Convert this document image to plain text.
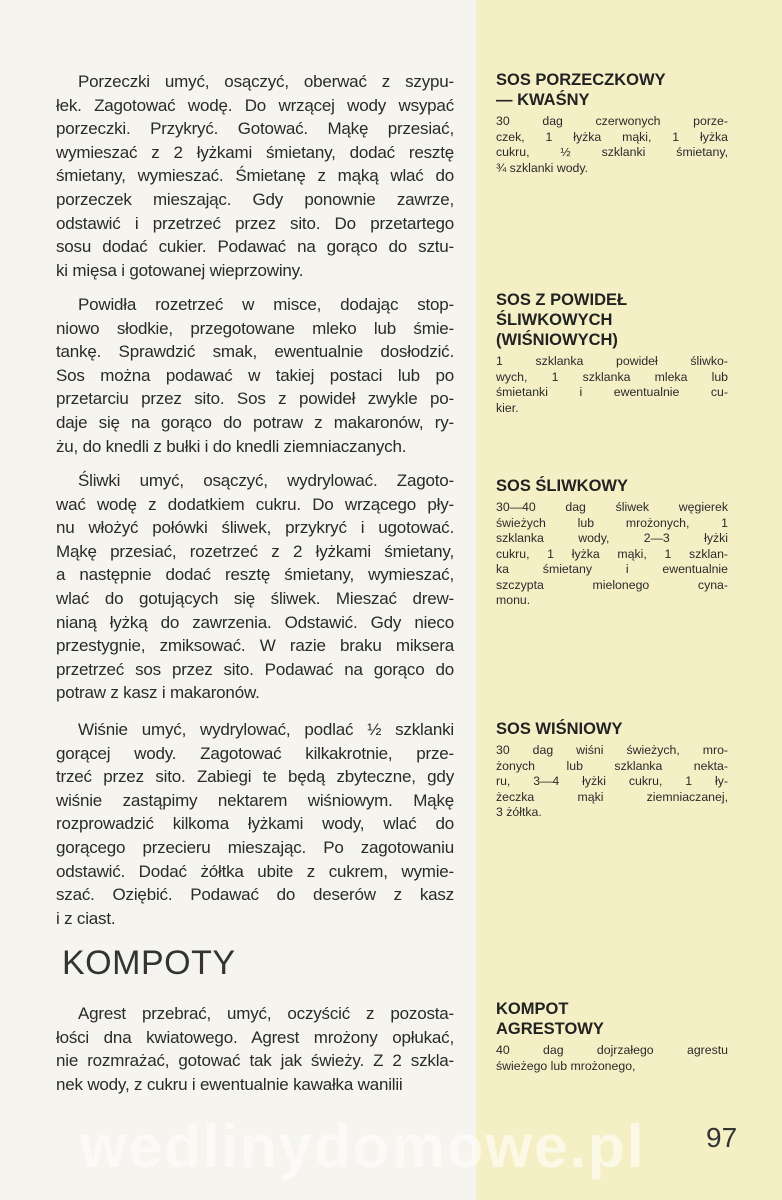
Porzeczki umyć, osączyć, oberwać z szypu-
łek. Zagotować wodę. Do wrzącej wody wsypać
porzeczki. Przykryć. Gotować. Mąkę przesiać,
wymieszać z 2 łyżkami śmietany, dodać resztę
śmietany, wymieszać. Śmietanę z mąką wlać do
porzeczek mieszając. Gdy ponownie zawrze,
odstawić i przetrzeć przez sito. Do przetartego
sosu dodać cukier. Podawać na gorąco do sztu-
ki mięsa i gotowanej wieprzowiny.
Powidła rozetrzeć w misce, dodając stop-
niowo słodkie, przegotowane mleko lub śmie-
tankę. Sprawdzić smak, ewentualnie dosłodzić.
Sos można podawać w takiej postaci lub po
przetarciu przez sito. Sos z powideł zwykle po-
daje się na gorąco do potraw z makaronów, ry-
żu, do knedli z bułki i do knedli ziemniaczanych.
Śliwki umyć, osączyć, wydrylować. Zagoto-
wać wodę z dodatkiem cukru. Do wrzącego pły-
nu włożyć połówki śliwek, przykryć i ugotować.
Mąkę przesiać, rozetrzeć z 2 łyżkami śmietany,
a następnie dodać resztę śmietany, wymieszać,
wlać do gotujących się śliwek. Mieszać drew-
nianą łyżką do zawrzenia. Odstawić. Gdy nieco
przestygnie, zmiksować. W razie braku miksera
przetrzeć sos przez sito. Podawać na gorąco do
potraw z kasz i makaronów.
Wiśnie umyć, wydrylować, podlać ½ szklanki
gorącej wody. Zagotować kilkakrotnie, prze-
trzeć przez sito. Zabiegi te będą zbyteczne, gdy
wiśnie zastąpimy nektarem wiśniowym. Mąkę
rozprowadzić kilkoma łyżkami wody, wlać do
gorącego przecieru mieszając. Po zagotowaniu
odstawić. Dodać żółtka ubite z cukrem, wymie-
szać. Oziębić. Podawać do deserów z kasz
i z ciast.
KOMPOTY
Agrest przebrać, umyć, oczyścić z pozosta-
łości dna kwiatowego. Agrest mrożony opłukać,
nie rozmrażać, gotować tak jak świeży. Z 2 szkla-
nek wody, z cukru i ewentualnie kawałka wanilii
SOS PORZECZKOWY
— KWAŚNY
30 dag czerwonych porze-
czek, 1 łyżka mąki, 1 łyżka
cukru, ½ szklanki śmietany,
¾ szklanki wody.
SOS Z POWIDEŁ
ŚLIWKOWYCH
(WIŚNIOWYCH)
1 szklanka powideł śliwko-
wych, 1 szklanka mleka lub
śmietanki i ewentualnie cu-
kier.
SOS ŚLIWKOWY
30—40 dag śliwek węgierek
świeżych lub mrożonych, 1
szklanka wody, 2—3 łyżki
cukru, 1 łyżka mąki, 1 szklan-
ka śmietany i ewentualnie
szczypta mielonego cyna-
monu.
SOS WIŚNIOWY
30 dag wiśni świeżych, mro-
żonych lub szklanka nekta-
ru, 3—4 łyżki cukru, 1 ły-
żeczka mąki ziemniaczanej,
3 żółtka.
KOMPOT
AGRESTOWY
40 dag dojrzałego agrestu
świeżego lub mrożonego,
wedlinydomowe.pl 97
